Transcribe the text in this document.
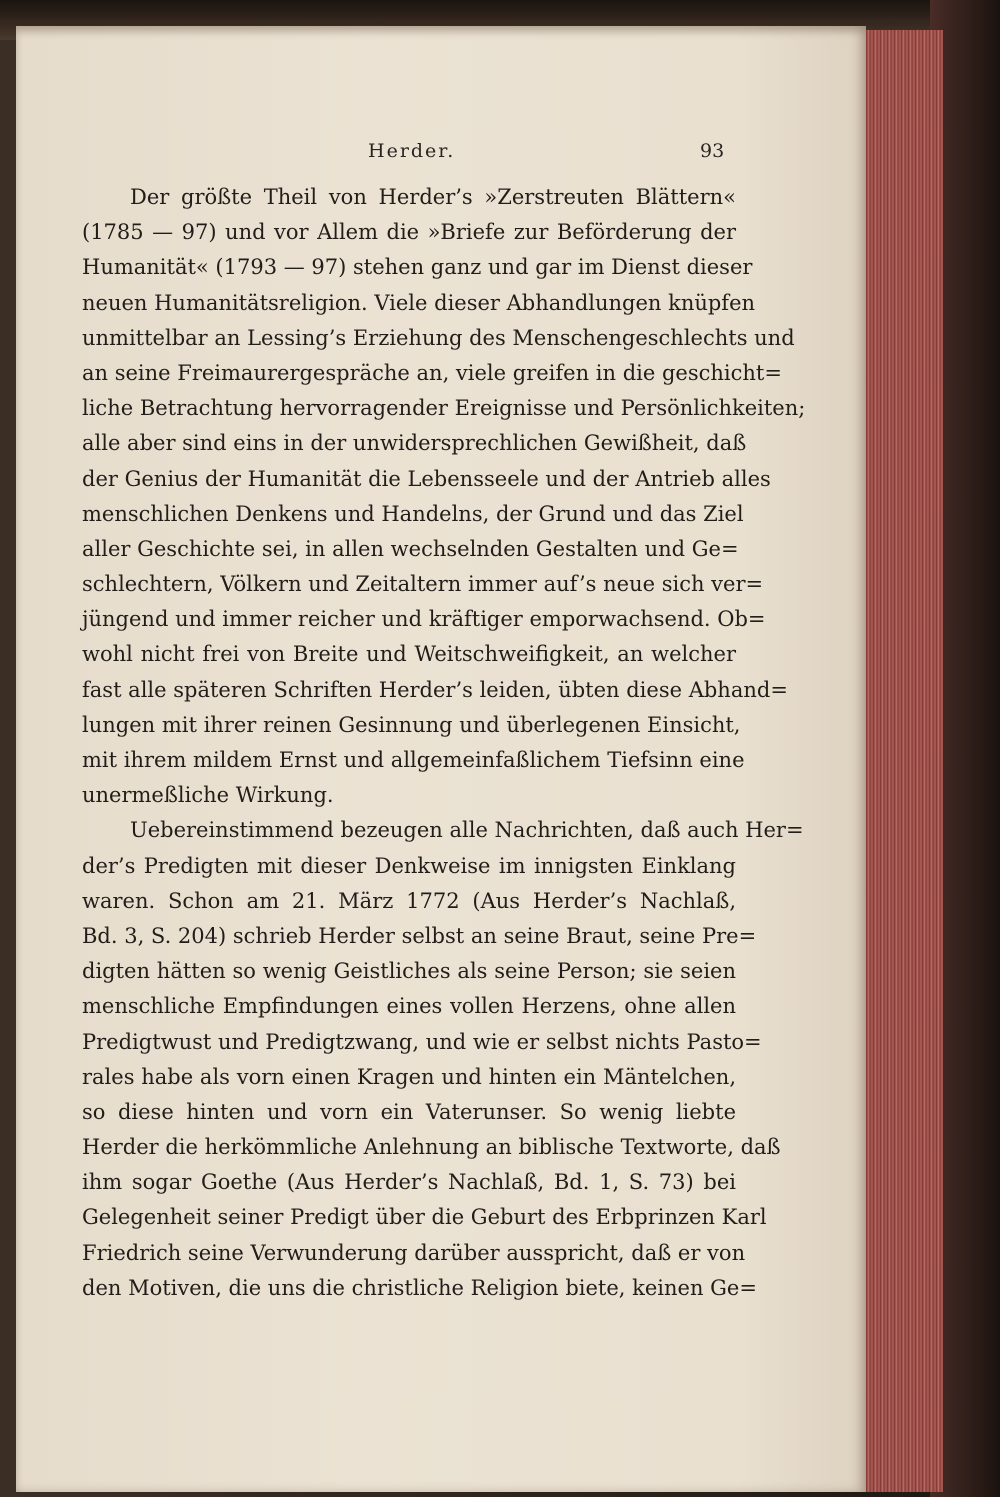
Herder.	93
Der größte Theil von Herder’s »Zerstreuten Blättern«
(1785 — 97) und vor Allem die »Briefe zur Beförderung der
Humanität« (1793 — 97) stehen ganz und gar im Dienst dieser
neuen Humanitätsreligion. Viele dieser Abhandlungen knüpfen
unmittelbar an Lessing’s Erziehung des Menschengeschlechts und
an seine Freimaurergespräche an, viele greifen in die geschicht=
liche Betrachtung hervorragender Ereignisse und Persönlichkeiten;
alle aber sind eins in der unwidersprechlichen Gewißheit, daß
der Genius der Humanität die Lebensseele und der Antrieb alles
menschlichen Denkens und Handelns, der Grund und das Ziel
aller Geschichte sei, in allen wechselnden Gestalten und Ge=
schlechtern, Völkern und Zeitaltern immer auf’s neue sich ver=
jüngend und immer reicher und kräftiger emporwachsend. Ob=
wohl nicht frei von Breite und Weitschweifigkeit, an welcher
fast alle späteren Schriften Herder’s leiden, übten diese Abhand=
lungen mit ihrer reinen Gesinnung und überlegenen Einsicht,
mit ihrem mildem Ernst und allgemeinfaßlichem Tiefsinn eine
unermeßliche Wirkung.
Uebereinstimmend bezeugen alle Nachrichten, daß auch Her=
der’s Predigten mit dieser Denkweise im innigsten Einklang
waren. Schon am 21. März 1772 (Aus Herder’s Nachlaß,
Bd. 3, S. 204) schrieb Herder selbst an seine Braut, seine Pre=
digten hätten so wenig Geistliches als seine Person; sie seien
menschliche Empfindungen eines vollen Herzens, ohne allen
Predigtwust und Predigtzwang, und wie er selbst nichts Pasto=
rales habe als vorn einen Kragen und hinten ein Mäntelchen,
so diese hinten und vorn ein Vaterunser. So wenig liebte
Herder die herkömmliche Anlehnung an biblische Textworte, daß
ihm sogar Goethe (Aus Herder’s Nachlaß, Bd. 1, S. 73) bei
Gelegenheit seiner Predigt über die Geburt des Erbprinzen Karl
Friedrich seine Verwunderung darüber ausspricht, daß er von
den Motiven, die uns die christliche Religion biete, keinen Ge=
